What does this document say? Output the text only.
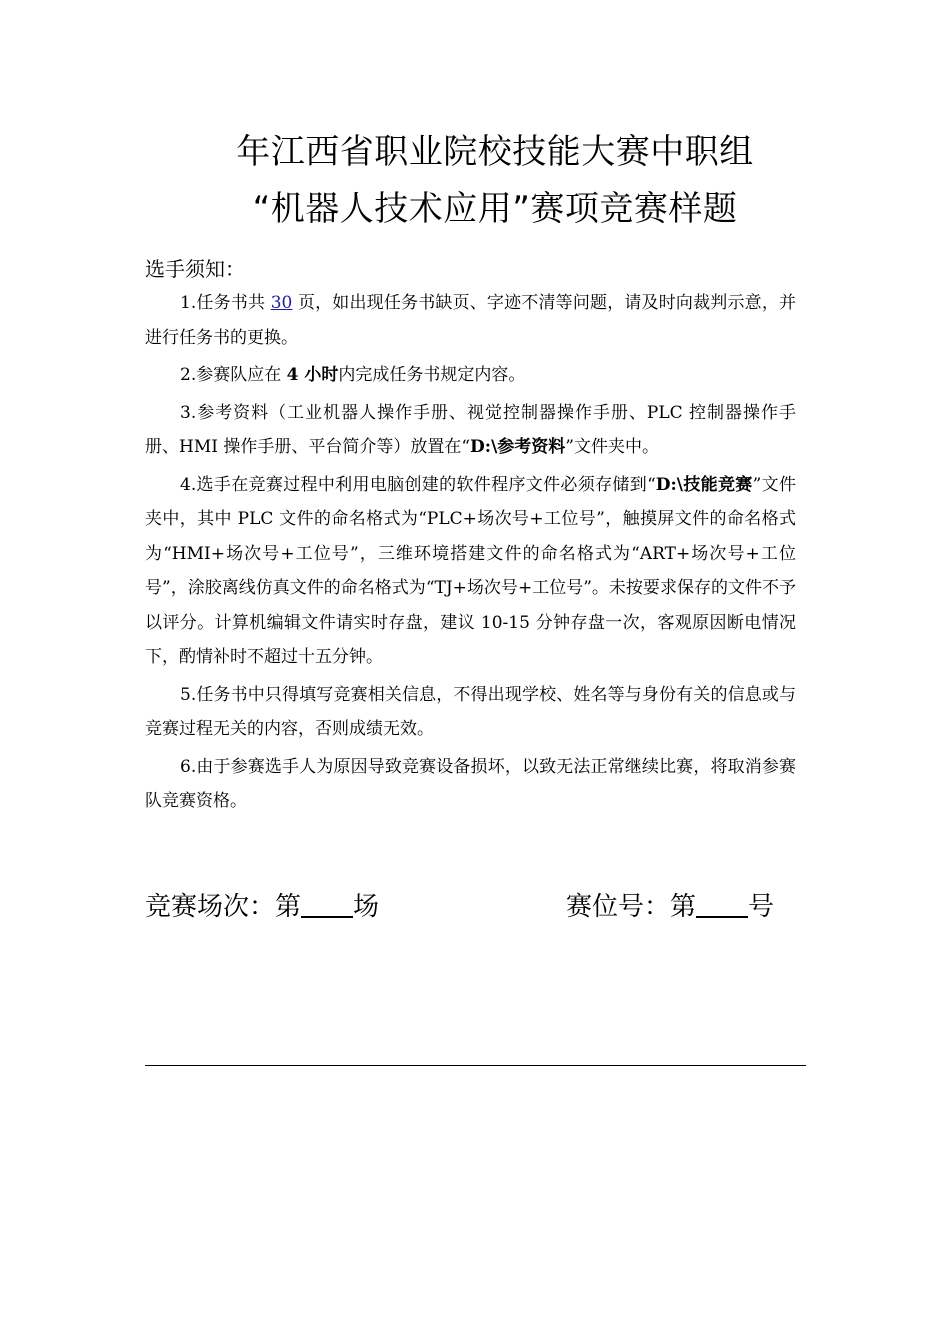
年江西省职业院校技能大赛中职组
“机器人技术应用”赛项竞赛样题
选手须知：

1.任务书共 30 页，如出现任务书缺页、字迹不清等问题，请及时向裁判示意，并进行任务书的更换。

2.参赛队应在 4 小时内完成任务书规定内容。

3.参考资料（工业机器人操作手册、视觉控制器操作手册、PLC 控制器操作手册、HMI 操作手册、平台简介等）放置在“D:\参考资料”文件夹中。

4.选手在竞赛过程中利用电脑创建的软件程序文件必须存储到“D:\技能竞赛”文件夹中，其中 PLC 文件的命名格式为“PLC+场次号+工位号”，触摸屏文件的命名格式为“HMI+场次号+工位号”，三维环境搭建文件的命名格式为“ART+场次号+工位号”，涂胶离线仿真文件的命名格式为“TJ+场次号+工位号”。未按要求保存的文件不予以评分。计算机编辑文件请实时存盘，建议 10-15 分钟存盘一次，客观原因断电情况下，酌情补时不超过十五分钟。

5.任务书中只得填写竞赛相关信息，不得出现学校、姓名等与身份有关的信息或与竞赛过程无关的内容，否则成绩无效。

6.由于参赛选手人为原因导致竞赛设备损坏，以致无法正常继续比赛，将取消参赛队竞赛资格。

竞赛场次：第 场	赛位号：第 号
